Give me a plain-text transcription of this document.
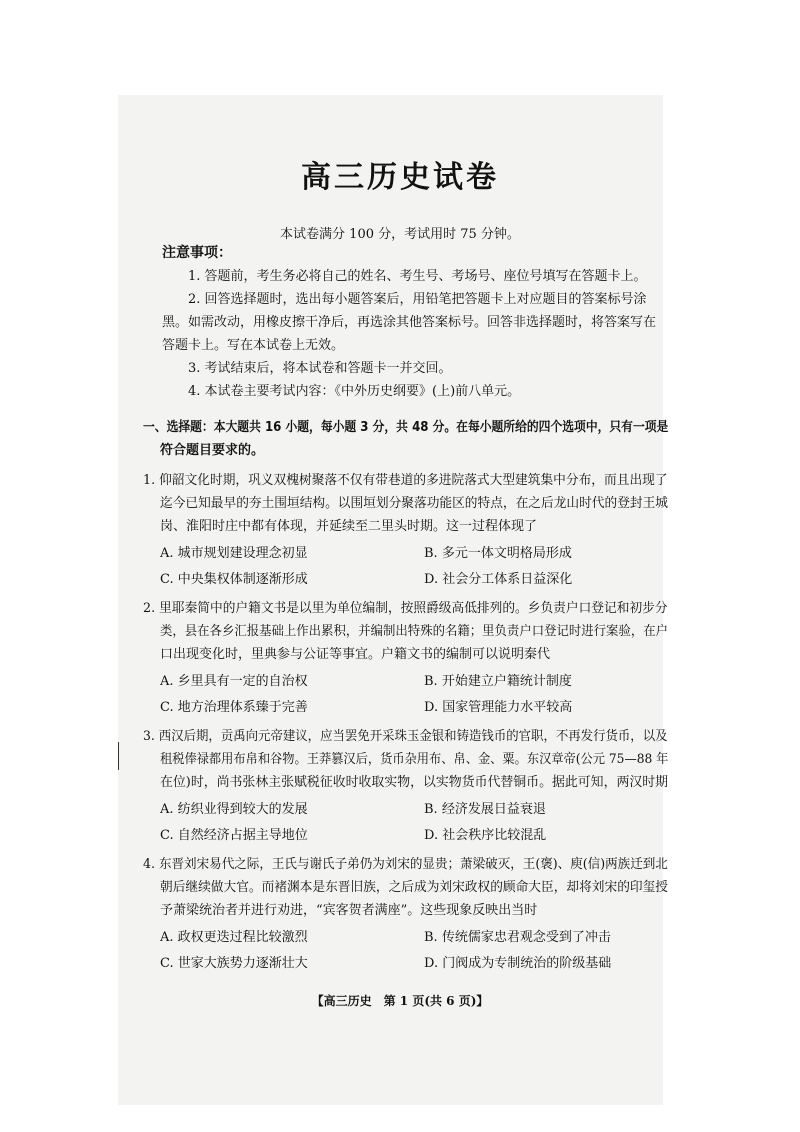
高三历史试卷
本试卷满分 100 分，考试用时 75 分钟。
注意事项：
1. 答题前，考生务必将自己的姓名、考生号、考场号、座位号填写在答题卡上。
2. 回答选择题时，选出每小题答案后，用铅笔把答题卡上对应题目的答案标号涂
黑。如需改动，用橡皮擦干净后，再选涂其他答案标号。回答非选择题时，将答案写在
答题卡上。写在本试卷上无效。
3. 考试结束后，将本试卷和答题卡一并交回。
4. 本试卷主要考试内容：《中外历史纲要》(上)前八单元。
一、选择题：本大题共 16 小题，每小题 3 分，共 48 分。在每小题所给的四个选项中，只有一项是
符合题目要求的。
1. 仰韶文化时期，巩义双槐树聚落不仅有带巷道的多进院落式大型建筑集中分布，而且出现了
迄今已知最早的夯土围垣结构。以围垣划分聚落功能区的特点，在之后龙山时代的登封王城
岗、淮阳时庄中都有体现，并延续至二里头时期。这一过程体现了
A. 城市规划建设理念初显	B. 多元一体文明格局形成
C. 中央集权体制逐渐形成	D. 社会分工体系日益深化
2. 里耶秦简中的户籍文书是以里为单位编制，按照爵级高低排列的。乡负责户口登记和初步分
类，县在各乡汇报基础上作出累积，并编制出特殊的名籍；里负责户口登记时进行案验，在户
口出现变化时，里典参与公证等事宜。户籍文书的编制可以说明秦代
A. 乡里具有一定的自治权	B. 开始建立户籍统计制度
C. 地方治理体系臻于完善	D. 国家管理能力水平较高
3. 西汉后期，贡禹向元帝建议，应当罢免开采珠玉金银和铸造钱币的官职，不再发行货币，以及
租税俸禄都用布帛和谷物。王莽篡汉后，货币杂用布、帛、金、粟。东汉章帝(公元 75—88 年
在位)时，尚书张林主张赋税征收时收取实物，以实物货币代替铜币。据此可知，两汉时期
A. 纺织业得到较大的发展	B. 经济发展日益衰退
C. 自然经济占据主导地位	D. 社会秩序比较混乱
4. 东晋刘宋易代之际，王氏与谢氏子弟仍为刘宋的显贵；萧梁破灭，王(褒)、庾(信)两族迁到北
朝后继续做大官。而褚渊本是东晋旧族，之后成为刘宋政权的顾命大臣，却将刘宋的印玺授
予萧梁统治者并进行劝进，“宾客贺者满座”。这些现象反映出当时
A. 政权更迭过程比较激烈	B. 传统儒家忠君观念受到了冲击
C. 世家大族势力逐渐壮大	D. 门阀成为专制统治的阶级基础
【高三历史　第 1 页(共 6 页)】
